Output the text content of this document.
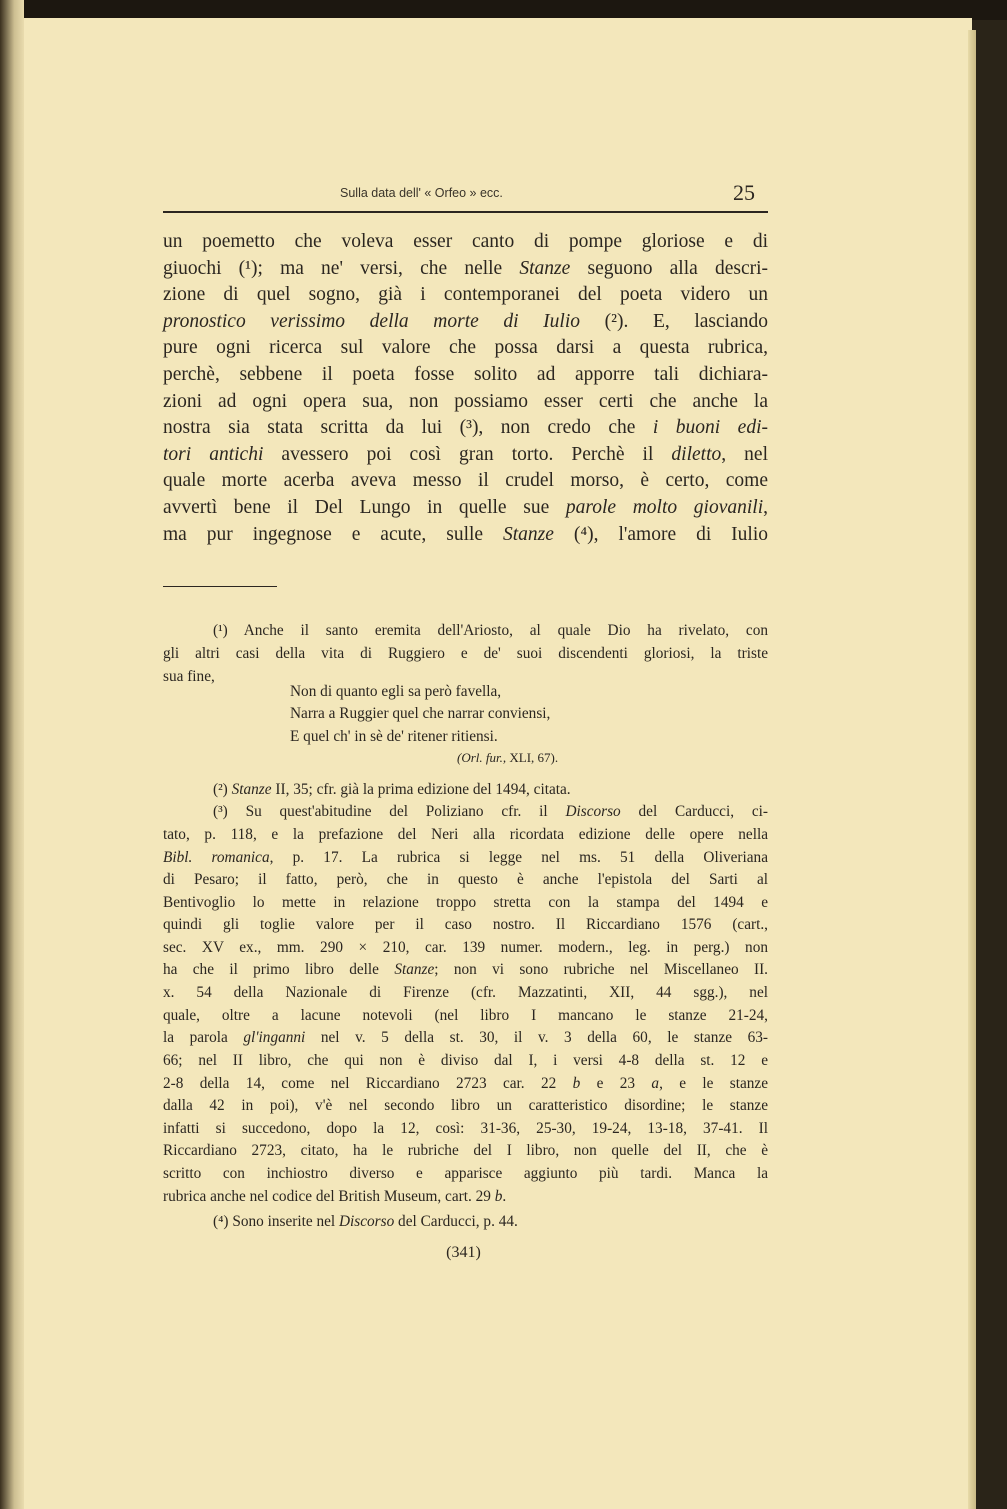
Sulla data dell' « Orfeo » ecc.	25
un poemetto che voleva esser canto di pompe gloriose e di
giuochi (¹); ma ne' versi, che nelle Stanze seguono alla descri-
zione di quel sogno, già i contemporanei del poeta videro un
pronostico verissimo della morte di Iulio (²). E, lasciando
pure ogni ricerca sul valore che possa darsi a questa rubrica,
perchè, sebbene il poeta fosse solito ad apporre tali dichiara-
zioni ad ogni opera sua, non possiamo esser certi che anche la
nostra sia stata scritta da lui (³), non credo che i buoni edi-
tori antichi avessero poi così gran torto. Perchè il diletto, nel
quale morte acerba aveva messo il crudel morso, è certo, come
avvertì bene il Del Lungo in quelle sue parole molto giovanili,
ma pur ingegnose e acute, sulle Stanze (⁴), l'amore di Iulio
(¹) Anche il santo eremita dell'Ariosto, al quale Dio ha rivelato, con
gli altri casi della vita di Ruggiero e de' suoi discendenti gloriosi, la triste
sua fine,
Non di quanto egli sa però favella,
Narra a Ruggier quel che narrar conviensi,
E quel ch' in sè de' ritener ritiensi.
(Orl. fur., XLI, 67).
(²) Stanze II, 35; cfr. già la prima edizione del 1494, citata.
(³) Su quest'abitudine del Poliziano cfr. il Discorso del Carducci, ci-
tato, p. 118, e la prefazione del Neri alla ricordata edizione delle opere nella
Bibl. romanica, p. 17. La rubrica si legge nel ms. 51 della Oliveriana
di Pesaro; il fatto, però, che in questo è anche l'epistola del Sarti al
Bentivoglio lo mette in relazione troppo stretta con la stampa del 1494 e
quindi gli toglie valore per il caso nostro. Il Riccardiano 1576 (cart.,
sec. XV ex., mm. 290 × 210, car. 139 numer. modern., leg. in perg.) non
ha che il primo libro delle Stanze; non vi sono rubriche nel Miscellaneo II.
x. 54 della Nazionale di Firenze (cfr. Mazzatinti, XII, 44 sgg.), nel
quale, oltre a lacune notevoli (nel libro I mancano le stanze 21-24,
la parola gl'inganni nel v. 5 della st. 30, il v. 3 della 60, le stanze 63-
66; nel II libro, che qui non è diviso dal I, i versi 4-8 della st. 12 e
2-8 della 14, come nel Riccardiano 2723 car. 22 b e 23 a, e le stanze
dalla 42 in poi), v'è nel secondo libro un caratteristico disordine; le stanze
infatti si succedono, dopo la 12, così: 31-36, 25-30, 19-24, 13-18, 37-41. Il
Riccardiano 2723, citato, ha le rubriche del I libro, non quelle del II, che è
scritto con inchiostro diverso e apparisce aggiunto più tardi. Manca la
rubrica anche nel codice del British Museum, cart. 29 b.
(⁴) Sono inserite nel Discorso del Carducci, p. 44.
(341)
